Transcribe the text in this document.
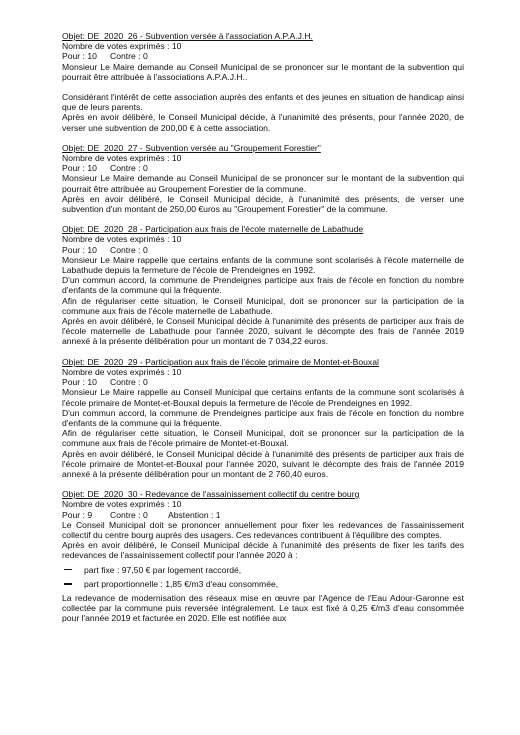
Objet: DE_2020_26 - Subvention versée à l'association A.P.A.J.H.
Nombre de votes exprimés : 10
Pour : 10 Contre : 0
Monsieur Le Maire demande au Conseil Municipal de se prononcer sur le montant de la subvention qui pourrait être attribuée à l'associations A.P.A.J.H..
Considérant l'intérêt de cette association auprès des enfants et des jeunes en situation de handicap ainsi que de leurs parents.
Après en avoir délibéré, le Conseil Municipal décide, à l'unanimité des présents, pour l'année 2020, de verser une subvention de 200,00 € à cette association.
Objet: DE_2020_27 - Subvention versée au "Groupement Forestier"
Nombre de votes exprimés : 10
Pour : 10 Contre : 0
Monsieur Le Maire demande au Conseil Municipal de se prononcer sur le montant de la subvention qui pourrait être attribuée au Groupement Forestier de la commune.
Après en avoir délibéré, le Conseil Municipal décide, à l'unanimité des présents, de verser une subvention d'un montant de 250,00 €uros au "Groupement Forestier" de la commune.
Objet: DE_2020_28 - Participation aux frais de l'école maternelle de Labathude
Nombre de votes exprimés : 10
Pour : 10 Contre : 0
Monsieur Le Maire rappelle que certains enfants de la commune sont scolarisés à l'école maternelle de Labathude depuis la fermeture de l'école de Prendeignes en 1992.
D'un commun accord, la commune de Prendeignes participe aux frais de l'école en fonction du nombre d'enfants de la commune qui la fréquente.
Afin de régulariser cette situation, le Conseil Municipal, doit se prononcer sur la participation de la commune aux frais de l'école maternelle de Labathude.
Après en avoir délibéré, le Conseil Municipal décide à l'unanimité des présents de participer aux frais de l'école maternelle de Labathude pour l'année 2020, suivant le décompte des frais de l'année 2019 annexé à la présente délibération pour un montant de 7 034,22 euros.
Objet: DE_2020_29 - Participation aux frais de l'école primaire de Montet-et-Bouxal
Nombre de votes exprimés : 10
Pour : 10 Contre : 0
Monsieur Le Maire rappelle au Conseil Municipal que certains enfants de la commune sont scolarisés à l'école primaire de Montet-et-Bouxal depuis la fermeture de l'école de Prendeignes en 1992.
D'un commun accord, la commune de Prendeignes participe aux frais de l'école en fonction du nombre d'enfants de la commune qui la fréquente.
Afin de régulariser cette situation, le Conseil Municipal, doit se prononcer sur la participation de la commune aux frais de l'école primaire de Montet-et-Bouxal.
Après en avoir délibéré, le Conseil Municipal décide à l'unanimité des présents de participer aux frais de l'école primaire de Montet-et-Bouxal pour l'année 2020, suivant le décompte des frais de l'année 2019 annexé à la présente délibération pour un montant de 2 760,40 euros.
Objet: DE_2020_30 - Redevance de l'assainissement collectif du centre bourg
Nombre de votes exprimés : 10
Pour : 9 Contre : 0 Abstention : 1
Le Conseil Municipal doit se prononcer annuellement pour fixer les redevances de l'assainissement collectif du centre bourg auprès des usagers. Ces redevances contribuent à l'équilibre des comptes.
Après en avoir délibéré, le Conseil Municipal décide à l'unanimité des présents de fixer les tarifs des redevances de l'assainissement collectif pour l'année 2020 à :
part fixe : 97,50 € par logement raccordé,
part proportionnelle : 1,85 €/m3 d'eau consommée,
La redevance de modernisation des réseaux mise en œuvre par l'Agence de l'Eau Adour-Garonne est collectée par la commune puis reversée intégralement. Le taux est fixé à 0,25 €/m3 d'eau consommée pour l'année 2019 et facturée en 2020. Elle est notifiée aux
